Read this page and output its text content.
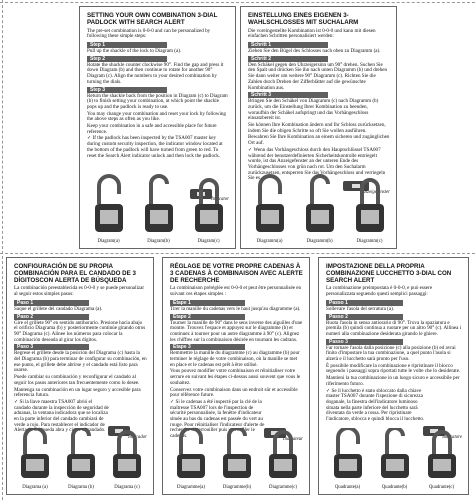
SETTING YOUR OWN COMBINATION 3-DIAL PADLOCK WITH SEARCH ALERT
The pre-set combination is 0-0-0 and can be personalized by following these simple steps:
Step 1
Pull up the shackle of the lock to Diagram (a).
Step 2
Rotate the shackle counter clockwise 90°. Find the gap and press it down Diagram (b) and then continue to rotate for another 90° Diagram (c). Align the numbers to your desired combination by turning the dials.
Step 3
Return the shackle back from the position in Diagram (c) to Diagram (b) to finish setting your combination, at which point the shackle pops up and the padlock is ready to use.
You may change your combination and reset your lock by following the above steps as often as you like.
Keep your combination in a safe and accessible place for future reference.
✓ If the padlock has been inspected by the TSA007 master key during custom security inspection, the indicator window located at the bottom of the padlock will have turned from green to red. To reset the Search Alert indicator unlock and then lock the padlock.
Indicator
Diagram(a)	Diagram(b)	Diagram(c)
EINSTELLUNG EINES EIGENEN 3-WAHLSCHLOSSES MIT SUCHALARM
Die voreingestellte Kombination ist 0-0-0 und kann mit diesen einfachen Schritten personalisiert werden:
Schritt 1
Ziehen Sie den Bügel des Schlosses nach oben zu Diagramm (a).
Schritt 2
Den Schäkel gegen den Uhrzeigersinn um 90° drehen. Suchen Sie den Spalt und drücken Sie ihn nach unten Diagramm (b) und drehen Sie dann weiter um weitere 90° Diagramm (c). Richten Sie die Zahlen durch Drehen der Zifferblätter auf die gewünschte Kombination aus.
Schritt 3
Bringen Sie den Schäkel von Diagramm (c) nach Diagramm (b) zurück, um die Einstellung Ihrer Kombination zu beenden, woraufhin der Schäkel aufspringt und das Vorhängeschloss einsatzbereit ist.
Sie können Ihre Kombination ändern und Ihr Schloss zurücksetzen, indem Sie die obigen Schritte so oft Sie wollen ausführen.
Bewahren Sie Ihre Kombination an einem sicheren und zugänglichen Ort auf.
✓ Wenn das Vorhängeschloss durch den Hauptschlüssel TSA007 während der benutzerdefinierten Sicherheitskontrolle entriegelt wurde, ist das Anzeigefenster an der unteren Ende des Vorhängeschlosses von grün nach rot. Um den Suchalarm zurückzusetzen, entsperren Sie das Vorhängeschloss und verriegeln Sie es.
Anzeigefenster
Diagramm(a)	Diagramm(b)	Diagramm(c)
CONFIGURACIÓN DE SU PROPIA COMBINACIÓN PARA EL CANDADO DE 3 DÍGITOSCON ALERTA DE BÚSQUEDA
La combinación preestablecida es 0-0-0 y se puede personalizar al seguir estos simples pasos:
Paso 1
Saque el grillete del candado Diagrama (a).
Paso 2
Gire el grillete 90° en sentido antihorario. Presione hacia abajo el orificio Diagrama (b) y posteriormente continúe girando otros 90° Diagrama (c). Alinee los números para colocar la combinación deseada al girar los dígitos.
Paso 3
Regrese el grillete desde la posición del Diagrama (c) hasta la del Diagrama (b) para terminar de configurar su combinación, en ese punto, el grillete debe abrirse y el candado está listo para usarse.
Puede cambiar su combinación y reconfigurar el candado al seguir los pasos anteriores tan frecuentemente como lo desee.
Mantenga su combinación en un lugar seguro y accesible para referencia futura.
✓ Si la llave maestra TSA007 abrió el candado durante la inspección de seguridad de aduanas, la ventana indicadora que se localiza en la parte inferior del candado cambiará de verde a rojo. Para restablecer el indicador de Alerta de Búsqueda abra y cierre el candado.
Indicador
Diagrama (a)	Diagrama (b)	Diagrama (c)
RÉGLAGE DE VOTRE PROPRE CADENAS À 3 CADENAS À COMBINAISON AVEC ALERTE DE RECHERCHE
La combinaison préréglée est 0-0-0 et peut être personnalisée en suivant ces étapes simples :
Étape 1
Tirer la manille du cadenas vers le haut jusqu'au diagramme (a).
Étape 2
Tourner la manille de 90° dans le sens inverse des aiguilles d'une montre. Trouvez l'espace et appuyez sur le diagramme (b) et continuez à tourner pour un autre diagramme à 90° (c). Alignez les chiffres sur la combinaison désirée en tournant les cadrans.
Étape 3
Remmettre la manille du diagramme (c) au diagramme (b) pour terminer le réglage de votre combinaison, où la manille se met en place et le cadenas est prêt à être utilisé.
Vous pouvez modifier votre combinaison et réinitialiser votre serrure en suivant les étapes ci-dessus aussi souvent que vous le souhaitez.
Conservez votre combinaison dans un endroit sûr et accessible pour référence future.
✓ Si le cadenas a été inspecté par la clé de la maîtresse TSA007 lors de l'inspection de sécurité personnalisée, la fenêtre d'indicateur située au bas du cadenas est passée du vert au rouge. Pour réinitialiser l'indicateur d'alerte de recherche déverrouiller puis verrouiller le cadenas.
Indicateur
Diagramme(a)	Diagramme(b)	Diagramme(c)
IMPOSTAZIONE DELLA PROPRIA COMBINAZIONE LUCCHETTO 3-DIAL CON SEARCH ALERT
La combinazione preimpostata è 0-0-0, e può essere personalizzata seguendo questi semplici passaggi:
Passo 1
Sollevare l'asola del serratura (a).
Passo 2
Ruota l'asola in senso antiorario di 90°. Trova la spaziatura e premila (b) quindi continua a ruotare per un altro 90° (c). Allinea i numeri alla combinazione desiderata girando le ghiere.
Passo 3
Far tornare l'asola dalla posizione (c) alla posizione (b) ed avrai finito d'impostare la tua combinazione, a quel punto l'asola si alzerà e il lucchetto sarà pronto per l'uso.
È possibile modificare la combinazione e ripristinare il blocco seguendo i passaggi sopra riportati tutte le volte che lo desiderate.
Mantieni la tua combinazione in un luogo sicuro e accessibile per riferimento futuro.
✓ Se il lucchetto è stato sbloccato dalla chiave master TSA007 durante l'ispezione di sicurezza doganale, la finestra dell'indicatore luminoso situata nella parte inferiore del lucchetto sarà diventata da verde a rossa. Per ripristinare l'indicatore, sblocca e quindi blocca il lucchetto.
Indicatore
Quadrante(a)	Quadrante(b)	Quadrante(c)
